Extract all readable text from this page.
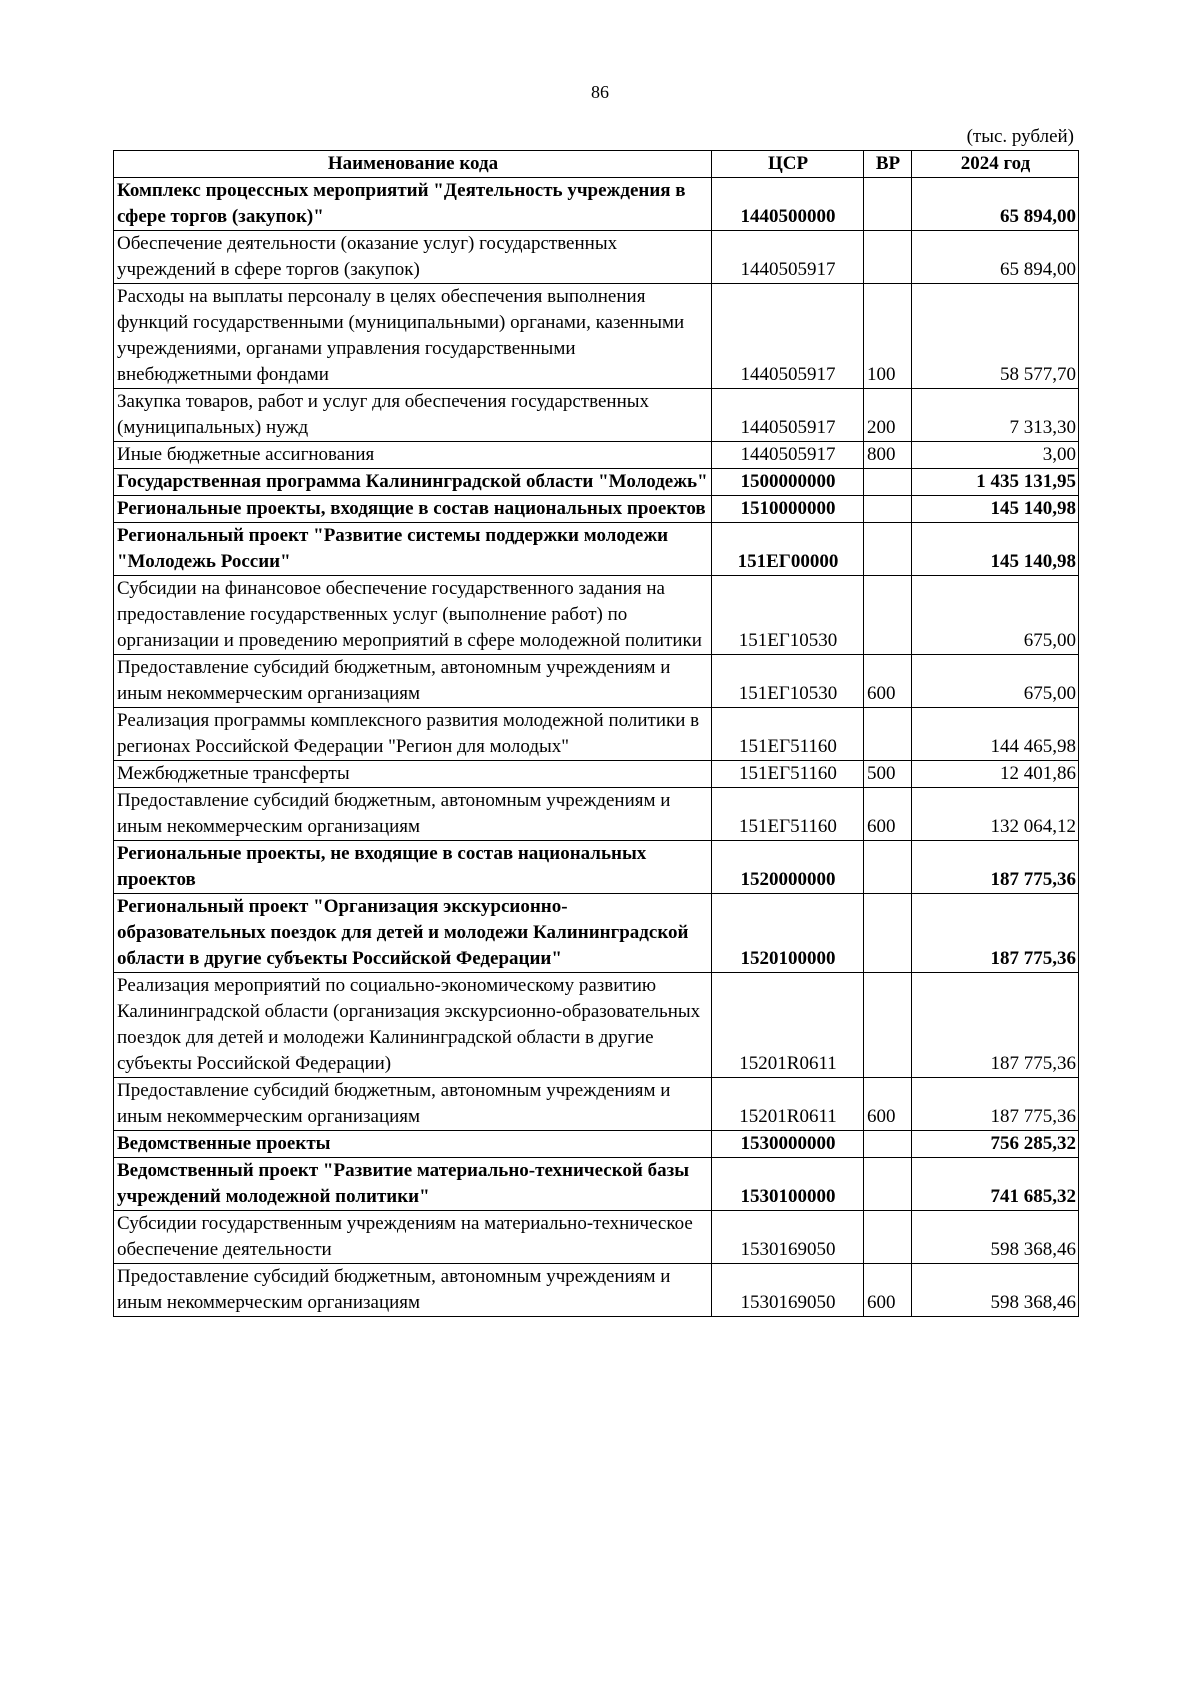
86
(тыс. рублей)
Наименование кода	ЦСР	ВР	2024 год
Комплекс процессных мероприятий "Деятельность учреждения в сфере торгов (закупок)"	1440500000		65 894,00
Обеспечение деятельности (оказание услуг) государственных учреждений в сфере торгов (закупок)	1440505917		65 894,00
Расходы на выплаты персоналу в целях обеспечения выполнения функций государственными (муниципальными) органами, казенными учреждениями, органами управления государственными внебюджетными фондами	1440505917	100	58 577,70
Закупка товаров, работ и услуг для обеспечения государственных (муниципальных) нужд	1440505917	200	7 313,30
Иные бюджетные ассигнования	1440505917	800	3,00
Государственная программа Калининградской области "Молодежь"	1500000000		1 435 131,95
Региональные проекты, входящие в состав национальных проектов	1510000000		145 140,98
Региональный проект "Развитие системы поддержки молодежи "Молодежь России"	151ЕГ00000		145 140,98
Субсидии на финансовое обеспечение государственного задания на предоставление государственных услуг (выполнение работ) по организации и проведению мероприятий в сфере молодежной политики	151ЕГ10530		675,00
Предоставление субсидий бюджетным, автономным учреждениям и иным некоммерческим организациям	151ЕГ10530	600	675,00
Реализация программы комплексного развития молодежной политики в регионах Российской Федерации "Регион для молодых"	151ЕГ51160		144 465,98
Межбюджетные трансферты	151ЕГ51160	500	12 401,86
Предоставление субсидий бюджетным, автономным учреждениям и иным некоммерческим организациям	151ЕГ51160	600	132 064,12
Региональные проекты, не входящие в состав национальных проектов	1520000000		187 775,36
Региональный проект "Организация экскурсионно-образовательных поездок для детей и молодежи Калининградской области в другие субъекты Российской Федерации"	1520100000		187 775,36
Реализация мероприятий по социально-экономическому развитию Калининградской области (организация экскурсионно-образовательных поездок для детей и молодежи Калининградской области в другие субъекты Российской Федерации)	15201R0611		187 775,36
Предоставление субсидий бюджетным, автономным учреждениям и иным некоммерческим организациям	15201R0611	600	187 775,36
Ведомственные проекты	1530000000		756 285,32
Ведомственный проект "Развитие материально-технической базы учреждений молодежной политики"	1530100000		741 685,32
Субсидии государственным учреждениям на материально-техническое обеспечение деятельности	1530169050		598 368,46
Предоставление субсидий бюджетным, автономным учреждениям и иным некоммерческим организациям	1530169050	600	598 368,46
